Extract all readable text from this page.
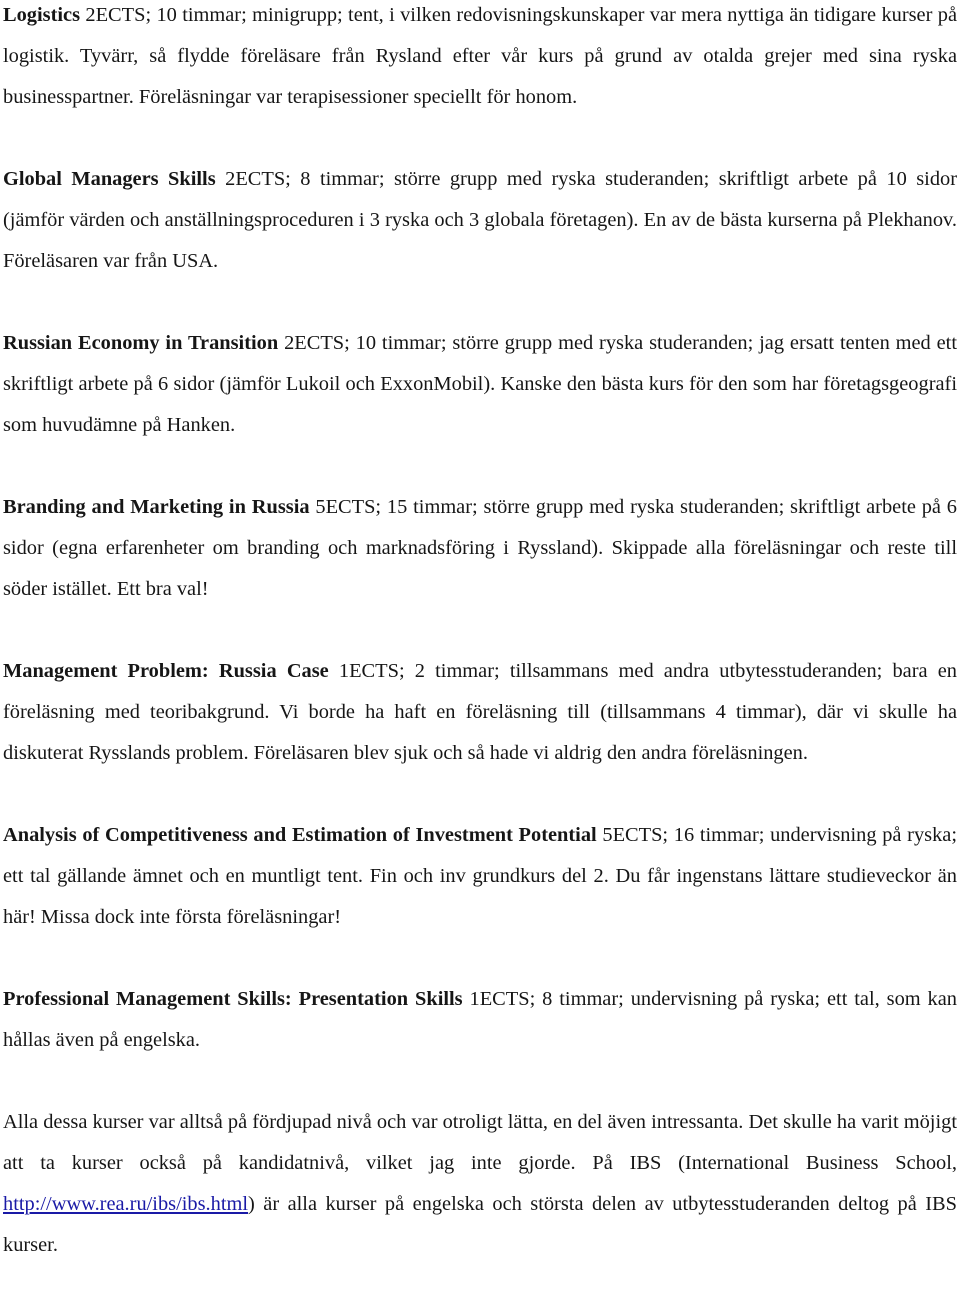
Logistics 2ECTS; 10 timmar; minigrupp; tent, i vilken redovisningskunskaper var mera nyttiga än tidigare kurser på logistik. Tyvärr, så flydde föreläsare från Rysland efter vår kurs på grund av otalda grejer med sina ryska businesspartner. Föreläsningar var terapisessioner speciellt för honom.

Global Managers Skills 2ECTS; 8 timmar; större grupp med ryska studeranden; skriftligt arbete på 10 sidor (jämför värden och anställningsproceduren i 3 ryska och 3 globala företagen). En av de bästa kurserna på Plekhanov. Föreläsaren var från USA.

Russian Economy in Transition 2ECTS; 10 timmar; större grupp med ryska studeranden; jag ersatt tenten med ett skriftligt arbete på 6 sidor (jämför Lukoil och ExxonMobil). Kanske den bästa kurs för den som har företagsgeografi som huvudämne på Hanken.

Branding and Marketing in Russia 5ECTS; 15 timmar; större grupp med ryska studeranden; skriftligt arbete på 6 sidor (egna erfarenheter om branding och marknadsföring i Ryssland). Skippade alla föreläsningar och reste till söder istället. Ett bra val!

Management Problem: Russia Case 1ECTS; 2 timmar; tillsammans med andra utbytesstuderanden; bara en föreläsning med teoribakgrund. Vi borde ha haft en föreläsning till (tillsammans 4 timmar), där vi skulle ha diskuterat Rysslands problem. Föreläsaren blev sjuk och så hade vi aldrig den andra föreläsningen.

Analysis of Competitiveness and Estimation of Investment Potential 5ECTS; 16 timmar; undervisning på ryska; ett tal gällande ämnet och en muntligt tent. Fin och inv grundkurs del 2. Du får ingenstans lättare studieveckor än här! Missa dock inte första föreläsningar!

Professional Management Skills: Presentation Skills 1ECTS; 8 timmar; undervisning på ryska; ett tal, som kan hållas även på engelska.

Alla dessa kurser var alltså på fördjupad nivå och var otroligt lätta, en del även intressanta. Det skulle ha varit möjigt att ta kurser också på kandidatnivå, vilket jag inte gjorde. På IBS (International Business School, http://www.rea.ru/ibs/ibs.html) är alla kurser på engelska och största delen av utbytesstuderanden deltog på IBS kurser.
